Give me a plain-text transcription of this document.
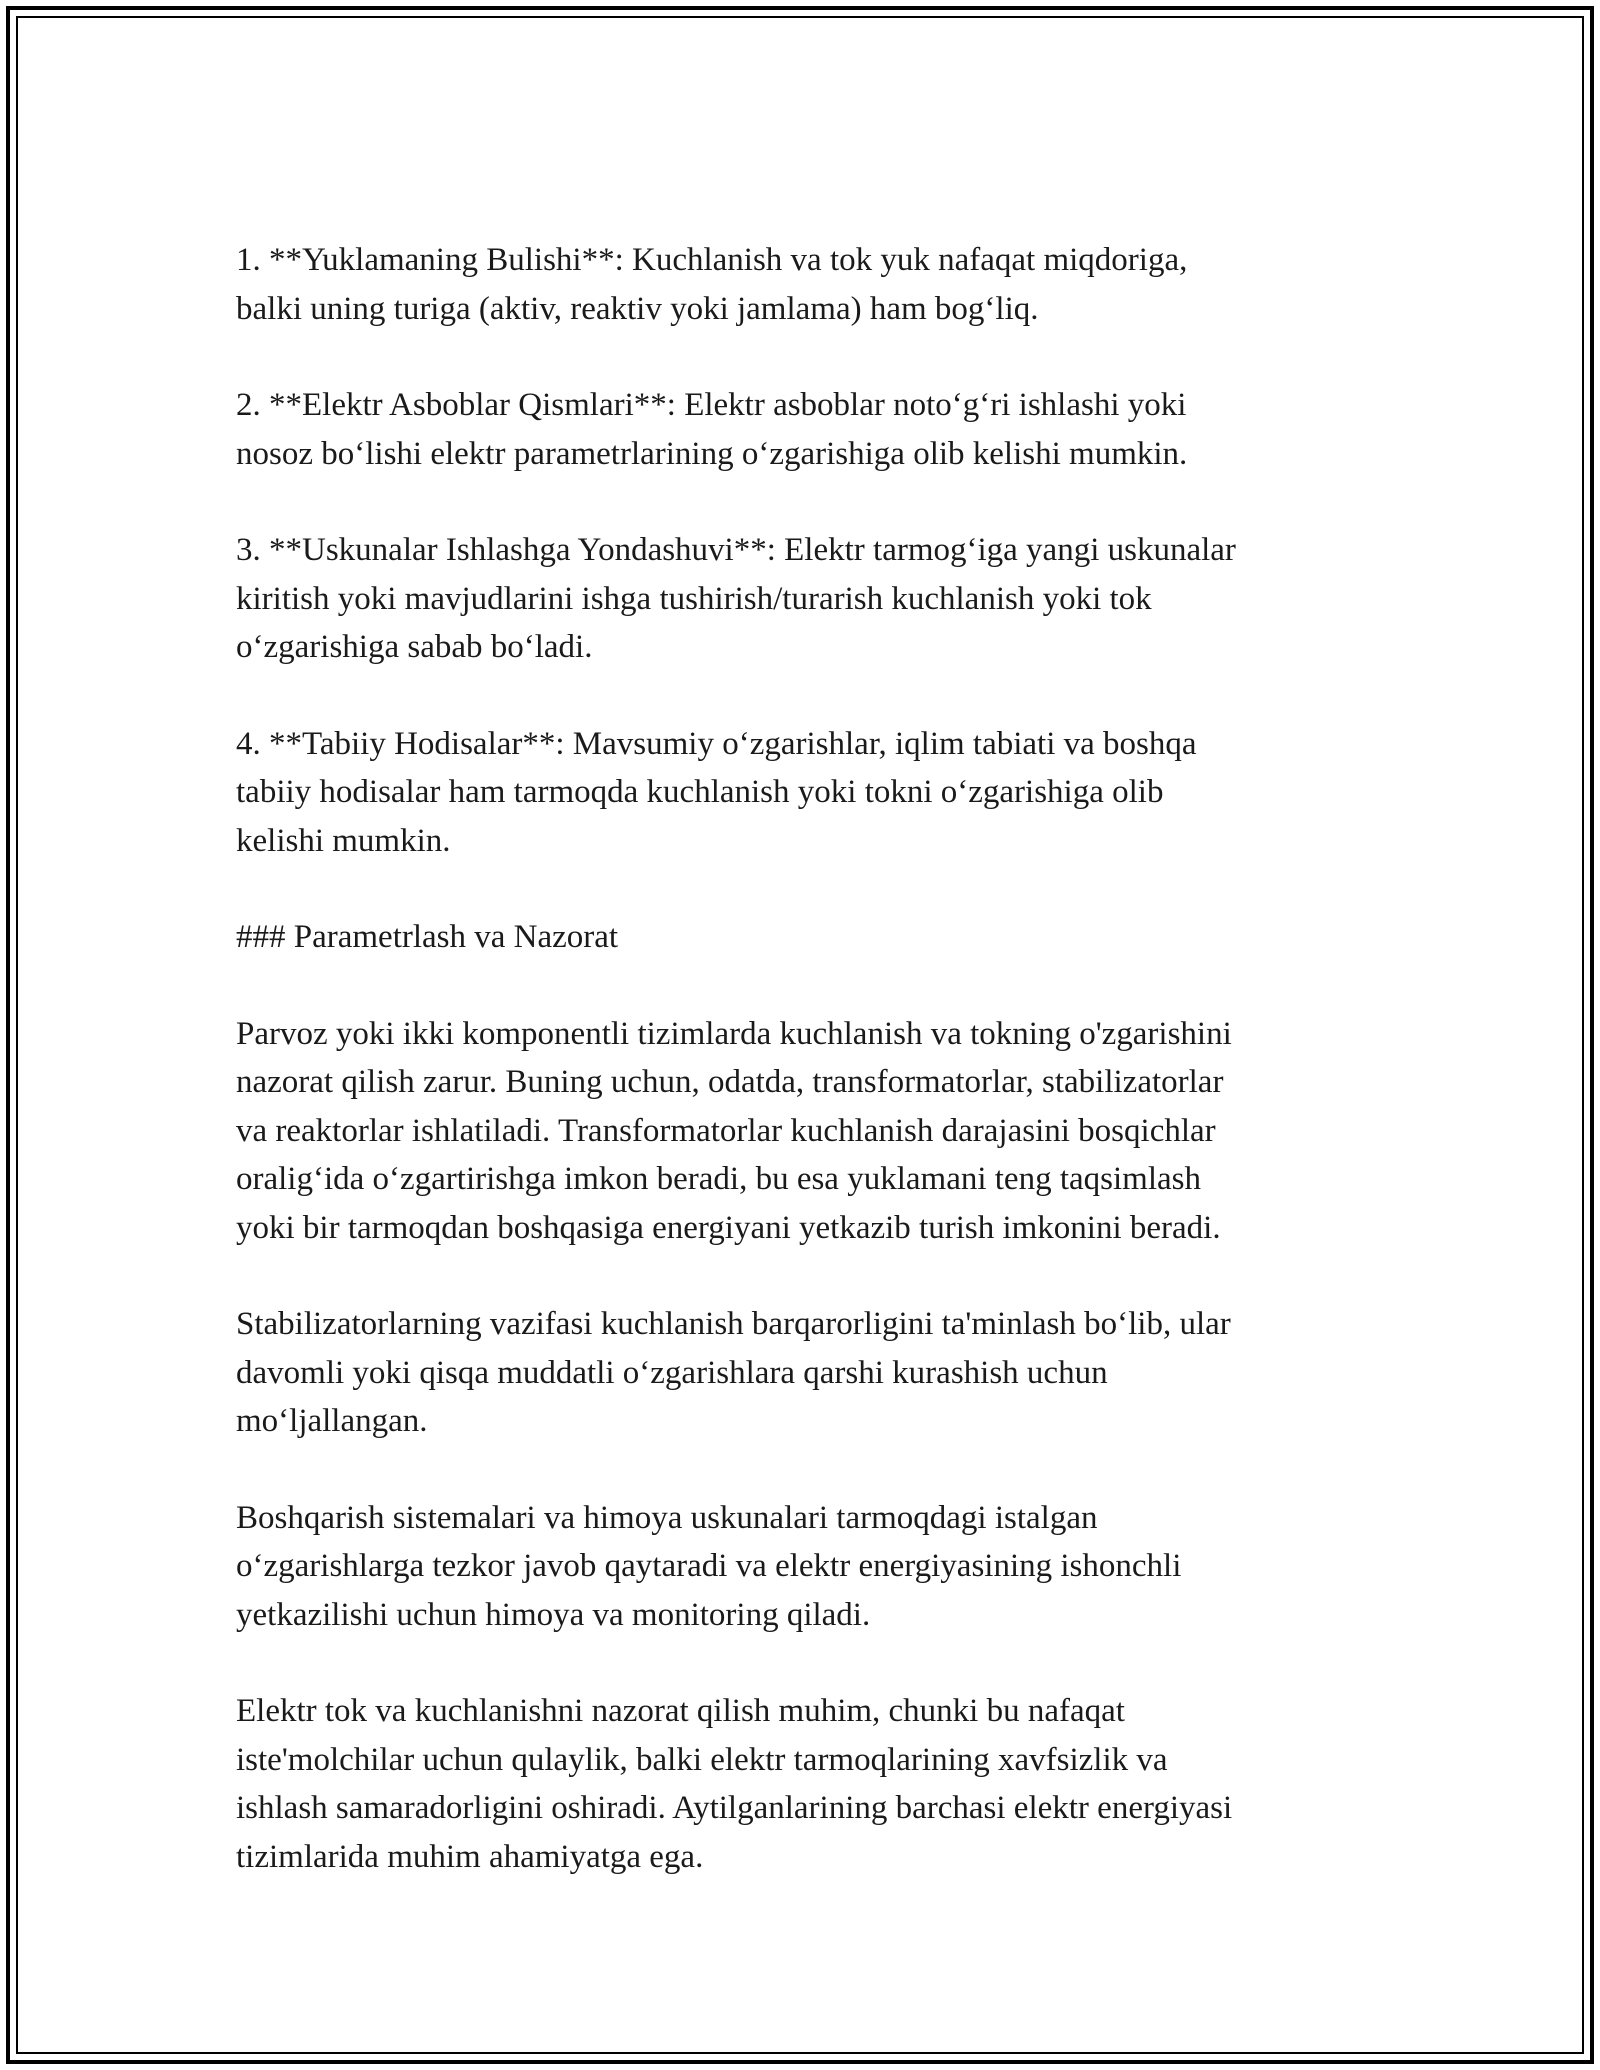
1. **Yuklamaning Bulishi**: Kuchlanish va tok yuk nafaqat miqdoriga,
balki uning turiga (aktiv, reaktiv yoki jamlama) ham bog‘liq.

2. **Elektr Asboblar Qismlari**: Elektr asboblar noto‘g‘ri ishlashi yoki
nosoz bo‘lishi elektr parametrlarining o‘zgarishiga olib kelishi mumkin.

3. **Uskunalar Ishlashga Yondashuvi**: Elektr tarmog‘iga yangi uskunalar
kiritish yoki mavjudlarini ishga tushirish/turarish kuchlanish yoki tok
o‘zgarishiga sabab bo‘ladi.

4. **Tabiiy Hodisalar**: Mavsumiy o‘zgarishlar, iqlim tabiati va boshqa
tabiiy hodisalar ham tarmoqda kuchlanish yoki tokni o‘zgarishiga olib
kelishi mumkin.

### Parametrlash va Nazorat

Parvoz yoki ikki komponentli tizimlarda kuchlanish va tokning o'zgarishini
nazorat qilish zarur. Buning uchun, odatda, transformatorlar, stabilizatorlar
va reaktorlar ishlatiladi. Transformatorlar kuchlanish darajasini bosqichlar
oralig‘ida o‘zgartirishga imkon beradi, bu esa yuklamani teng taqsimlash
yoki bir tarmoqdan boshqasiga energiyani yetkazib turish imkonini beradi.

Stabilizatorlarning vazifasi kuchlanish barqarorligini ta'minlash bo‘lib, ular
davomli yoki qisqa muddatli o‘zgarishlara qarshi kurashish uchun
mo‘ljallangan.

Boshqarish sistemalari va himoya uskunalari tarmoqdagi istalgan
o‘zgarishlarga tezkor javob qaytaradi va elektr energiyasining ishonchli
yetkazilishi uchun himoya va monitoring qiladi.

Elektr tok va kuchlanishni nazorat qilish muhim, chunki bu nafaqat
iste'molchilar uchun qulaylik, balki elektr tarmoqlarining xavfsizlik va
ishlash samaradorligini oshiradi. Aytilganlarining barchasi elektr energiyasi
tizimlarida muhim ahamiyatga ega.
